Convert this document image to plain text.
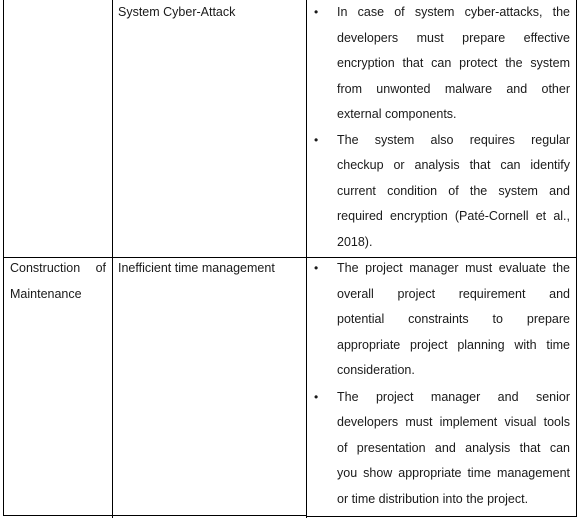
System Cyber-Attack	• In case of system cyber-attacks, the
developers must prepare effective
encryption that can protect the system
from unwonted malware and other
external components.
• The system also requires regular
checkup or analysis that can identify
current condition of the system and
required encryption (Paté-Cornell et al.,
2018).
Construction of
Maintenance
Inefficient time management	• The project manager must evaluate the
overall project requirement and
potential constraints to prepare
appropriate project planning with time
consideration.
• The project manager and senior
developers must implement visual tools
of presentation and analysis that can
you show appropriate time management
or time distribution into the project.
